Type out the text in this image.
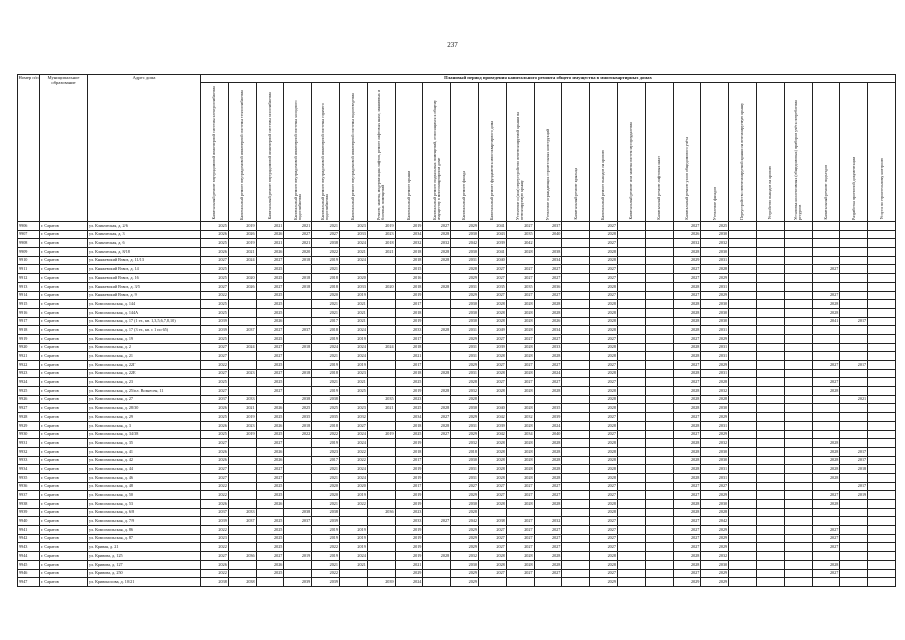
237
Номер п/п	Муниципальное образование	Адрес дома	Плановый период проведения капитального ремонта общего имущества в многоквартирных домах																								
			Капитальный ремонт внутридомовой инженерной системы электроснабжения	Капитальный ремонт внутридомовой инженерной системы теплоснабжения	Капитальный ремонт внутридомовой инженерной системы газоснабжения	Капитальный ремонт внутридомовой инженерной системы холодного водоснабжения	Капитальный ремонт внутридомовой инженерной системы горячего водоснабжения	Капитальный ремонт внутридомовой инженерной системы водоотведения	Ремонт, замена, модернизация лифтов, ремонт лифтовых шахт, машинных и блочных помещений	Капитальный ремонт крыши	Капитальный ремонт подвальных помещений, относящихся к общему имуществу в многоквартирном доме	Капитальный ремонт фасада	Капитальный ремонт фундамента многоквартирного дома	Утепление и (или) переустройство невентилируемой крыши на вентилируемую крышу	Утепление ограждающих строительных конструкций	Капитальный ремонт крыльца	Капитальный ремонт выходов на кровлю	Капитальный ремонт или замена систем мусороудаления	Капитальный ремонт лифтовых шахт	Капитальный ремонт узлов общедомового учёта	Утепление фасадов	Переустройство невентилируемой крыши на вентилируемую крышу	Устройство выходов на кровлю	Установка коллективных (общедомовых) приборов учёта потребления ресурсов	Капитальный ремонт подъездов	Разработка проектной документации	Услуги по строительному контролю
9906	г. Саратов	ул. Клинческая, д. 2/6	2025	2019	2021	2021	2021	2023	2019	2019	2027	2029	2041	2027	2037		2027			2027	2025						
9907	г. Саратов	ул. Клинческая, д. 3	2026	2026	2026	2027	2027	2033	2023	2034	2028	2030	2043	2035	2040		2028			2026	2030						
9908	г. Саратов	ул. Клинческая, д. 6	2025	2019	2021	2021	2038	2024	2018	2032	2032	2042	2039	2042			2027			2032	2032						
9909	г. Саратов	ул. Клинческая, д. 8/18	2026	2021	2026	2020	2022	2021	2021	2018	2028	2030	2041	2028	2038		2028			2028	2030						
9910	г. Саратов	ул. Княжевский Взвоз, д. 11/13	2027	2024	2027	2018	2019	2024		2018	2028	2031	2040		2034		2028			2029	2031						
9911	г. Саратов	ул. Княжевский Взвоз, д. 14	2025		2025		2021			2015		2028	2027	2027	2027		2027			2027	2028				2027		
9912	г. Саратов	ул. Княжевский Взвоз, д. 16	2025	2020	2025	2018	2018	2020		2016		2029	2027	2027	2027		2027			2027	2029						
9913	г. Саратов	ул. Княжевский Взвоз, д. 3/5	2027	2026	2027	2018	2018	2033	2020	2018	2028	2031	2035	2035	2036		2028			2028	2031						
9914	г. Саратов	ул. Княжевский Взвоз, д. 9	2022		2025		2020	2019		2019		2029	2027	2027	2027		2027			2027	2029				2027		
9915	г. Саратов	ул. Комсомольская, д. 144	2025		2025		2021	2021		2017		2030	2028	2028	2028		2028			2028	2030				2028		
9916	г. Саратов	ул. Комсомольская, д. 144А	2025		2025		2021	2021		2018		2030	2028	2028	2028		2028			2028	2030				2028		
9917	г. Саратов	ул. Комсомольская, д. 17 (1 эт., кв. 1,3,5,6,7,8,10)	2039		2026		2017	2021		2019		2030	2028	2028	2026		2028			2028	2030				2041	2017	
9918	г. Саратов	ул. Комсомольская, д. 17 (3 эт., кв. с 1 по 65)	2039	2037	2027	2037	2018	2024		2033	2028	2031	2049	2028	2034		2028			2028	2031						
9919	г. Саратов	ул. Комсомольская, д. 19	2025		2025		2019	2019		2017		2029	2027	2027	2027		2027			2027	2029						
9920	г. Саратов	ул. Комсомольская, д. 2	2027	2024	2027	2018	2024	2024	2024	2018		2031	2039	2028	2033		2028			2028	2031						
9921	г. Саратов	ул. Комсомольская, д. 21	2027		2027		2021	2024		2021		2031	2028	2028	2028		2028			2028	2031						
9922	г. Саратов	ул. Комсомольская, д. 22Г	2022		2025		2019	2019		2017		2029	2027	2027	2027		2027			2027	2029				2027	2017	
9923	г. Саратов	ул. Комсомольская, д. 22Е	2027	2023	2027	2018	2018	2023		2018	2028	2031	2028	2028	2024		2028			2028	2031						
9924	г. Саратов	ул. Комсомольская, д. 23	2025		2025		2021	2021		2025		2028	2027	2027	2027		2027			2027	2028				2027		
9925	г. Саратов	ул. Комсомольская, д. 25/пл. Вознесен, 11	2027		2027		2019	2025		2019	2028	2032	2028	2028	2028		2028			2028	2032				2028		
9926	г. Саратов	ул. Комсомольская, д. 27	2037	2033		2038	2038		2035	2023		2028					2028			2028	2028					2021	
9927	г. Саратов	ул. Комсомольская, д. 28/30	2026	2021	2026	2025	2025	2023	2021	2025	2028	2030	2040	2028	2035		2028			2028	2030						
9928	г. Саратов	ул. Комсомольская, д. 29	2025	2019	2025	2035	2035	2032		2034	2027	2029	2042	2032	2039		2027			2027	2029						
9929	г. Саратов	ул. Комсомольская, д. 3	2026	2023	2026	2018	2018	2027		2018	2028	2031	2039	2028	2024		2028			2028	2031						
9930	г. Саратов	ул. Комсомольская, д. 34/38	2025	2019	2025	2022	2022	2024	2019	2025	2027	2029	2042	2034	2040		2027			2027	2029						
9931	г. Саратов	ул. Комсомольская, д. 35	2027		2027		2019	2024		2019		2032	2028	2028	2028		2028			2028	2032				2028		
9932	г. Саратов	ул. Комсомольская, д. 41	2026		2026		2023	2022		2018		2018	2028	2028	2028		2028			2028	2030				2028	2017	
9933	г. Саратов	ул. Комсомольская, д. 42	2026		2026		2017	2022		2017		2030	2028	2028	2028		2028			2028	2030				2028	2017	
9934	г. Саратов	ул. Комсомольская, д. 44	2027		2027		2021	2024		2019		2031	2028	2028	2028		2028			2028	2031				2028	2018	
9935	г. Саратов	ул. Комсомольская, д. 46	2027		2027		2021	2024		2019		2031	2028	2028	2028		2028			2028	2031				2028		
9936	г. Саратов	ул. Комсомольская, д. 48	2022		2025		2020	2020		2017		2027	2027	2027	2027		2027			2027	2027					2017	
9937	г. Саратов	ул. Комсомольская, д. 50	2022		2025		2020	2019		2019		2029	2027	2027	2027		2027			2027	2029				2027	2019	
9938	г. Саратов	ул. Комсомольская, д. 53	2026		2026		2021	2022		2019		2030	2028	2028	2028		2028			2028	2030				2028		
9939	г. Саратов	ул. Комсомольская, д. 6/8	2037	2033		2038	2038		2036	2023		2028					2028			2028	2028						
9940	г. Саратов	ул. Комсомольская, д. 7/9	2039	2037	2025	2037	2039			2033	2027	2042	2038	2027	2032		2027			2027	2042						
9941	г. Саратов	ул. Комсомольская, д. 86	2022		2025		2019	2019		2019		2029	2027	2027	2027		2027			2027	2029				2027		
9942	г. Саратов	ул. Комсомольская, д. 87	2023		2025		2019	2019		2019		2029	2027	2027	2027		2027			2027	2029				2027		
9943	г. Саратов	ул. Кривая, д. 21	2022		2025		2022	2019		2019		2029	2027	2027	2027		2027			2027	2029				2027		
9944	г. Саратов	ул. Кривова, д. 125	2027	2036	2027	2019	2019	2024		2019	2028	2032	2028	2028	2028		2028			2028	2032						
9945	г. Саратов	ул. Кривова, д. 127	2026		2026		2021	2021		2021		2030	2028	2028	2028		2028			2028	2030				2028		
9946	г. Саратов	ул. Кривова, д. 250	2022		2025		2022			2029		2029	2027	2027	2027		2027			2027	2029				2027		
9947	г. Саратов	ул. Кривоносова, д. 10/21	2038	2038		2039	2039		2039	2024		2029					2029			2029	2029						
